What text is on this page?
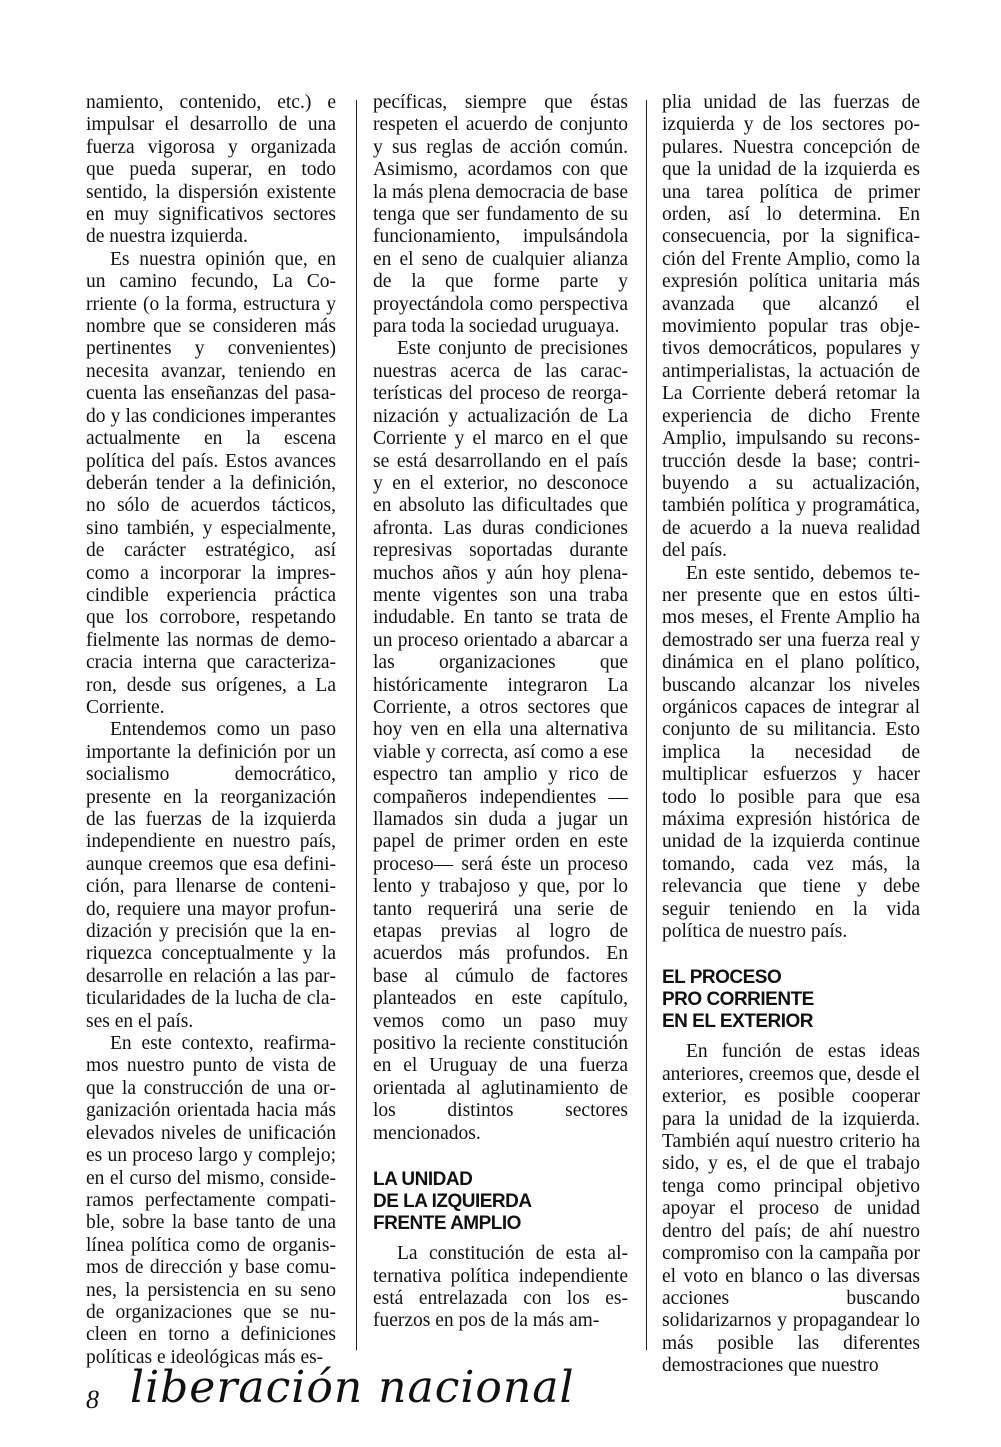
namiento, contenido, etc.) e impulsar el desarrollo de una fuerza vigorosa y organizada que pueda superar, en todo sentido, la dispersión existente en muy significativos sectores de nuestra izquierda.

Es nuestra opinión que, en un camino fecundo, La Corriente (o la forma, estructura y nombre que se consideren más pertinentes y convenientes) necesita avanzar, teniendo en cuenta las enseñanzas del pasado y las condiciones imperantes actualmente en la escena política del país. Estos avances deberán tender a la definición, no sólo de acuerdos tácticos, sino también, y especialmente, de carácter estratégico, así como a incorporar la imprescindible experiencia práctica que los corrobore, respetando fielmente las normas de democracia interna que caracterizaron, desde sus orígenes, a La Corriente.

Entendemos como un paso importante la definición por un socialismo democrático, presente en la reorganización de las fuerzas de la izquierda independiente en nuestro país, aunque creemos que esa definición, para llenarse de contenido, requiere una mayor profundización y precisión que la enriquezca conceptualmente y la desarrolle en relación a las particularidades de la lucha de clases en el país.

En este contexto, reafirmamos nuestro punto de vista de que la construcción de una organización orientada hacia más elevados niveles de unificación es un proceso largo y complejo; en el curso del mismo, consideramos perfectamente compatible, sobre la base tanto de una línea política como de organismos de dirección y base comunes, la persistencia en su seno de organizaciones que se nucleen en torno a definiciones políticas e ideológicas más es-

pecíficas, siempre que éstas respeten el acuerdo de conjunto y sus reglas de acción común. Asimismo, acordamos con que la más plena democracia de base tenga que ser fundamento de su funcionamiento, impulsándola en el seno de cualquier alianza de la que forme parte y proyectándola como perspectiva para toda la sociedad uruguaya.

Este conjunto de precisiones nuestras acerca de las características del proceso de reorganización y actualización de La Corriente y el marco en el que se está desarrollando en el país y en el exterior, no desconoce en absoluto las dificultades que afronta. Las duras condiciones represivas soportadas durante muchos años y aún hoy plenamente vigentes son una traba indudable. En tanto se trata de un proceso orientado a abarcar a las organizaciones que históricamente integraron La Corriente, a otros sectores que hoy ven en ella una alternativa viable y correcta, así como a ese espectro tan amplio y rico de compañeros independientes —llamados sin duda a jugar un papel de primer orden en este proceso— será éste un proceso lento y trabajoso y que, por lo tanto requerirá una serie de etapas previas al logro de acuerdos más profundos. En base al cúmulo de factores planteados en este capítulo, vemos como un paso muy positivo la reciente constitución en el Uruguay de una fuerza orientada al aglutinamiento de los distintos sectores mencionados.

LA UNIDAD
DE LA IZQUIERDA
FRENTE AMPLIO

La constitución de esta alternativa política independiente está entrelazada con los esfuerzos en pos de la más am-

plia unidad de las fuerzas de izquierda y de los sectores populares. Nuestra concepción de que la unidad de la izquierda es una tarea política de primer orden, así lo determina. En consecuencia, por la significación del Frente Amplio, como la expresión política unitaria más avanzada que alcanzó el movimiento popular tras objetivos democráticos, populares y antimperialistas, la actuación de La Corriente deberá retomar la experiencia de dicho Frente Amplio, impulsando su reconstrucción desde la base; contribuyendo a su actualización, también política y programática, de acuerdo a la nueva realidad del país.

En este sentido, debemos tener presente que en estos últimos meses, el Frente Amplio ha demostrado ser una fuerza real y dinámica en el plano político, buscando alcanzar los niveles orgánicos capaces de integrar al conjunto de su militancia. Esto implica la necesidad de multiplicar esfuerzos y hacer todo lo posible para que esa máxima expresión histórica de unidad de la izquierda continue tomando, cada vez más, la relevancia que tiene y debe seguir teniendo en la vida política de nuestro país.

EL PROCESO
PRO CORRIENTE
EN EL EXTERIOR

En función de estas ideas anteriores, creemos que, desde el exterior, es posible cooperar para la unidad de la izquierda. También aquí nuestro criterio ha sido, y es, el de que el trabajo tenga como principal objetivo apoyar el proceso de unidad dentro del país; de ahí nuestro compromiso con la campaña por el voto en blanco o las diversas acciones buscando solidarizarnos y propagandear lo más posible las diferentes demostraciones que nuestro

8 liberación nacional
